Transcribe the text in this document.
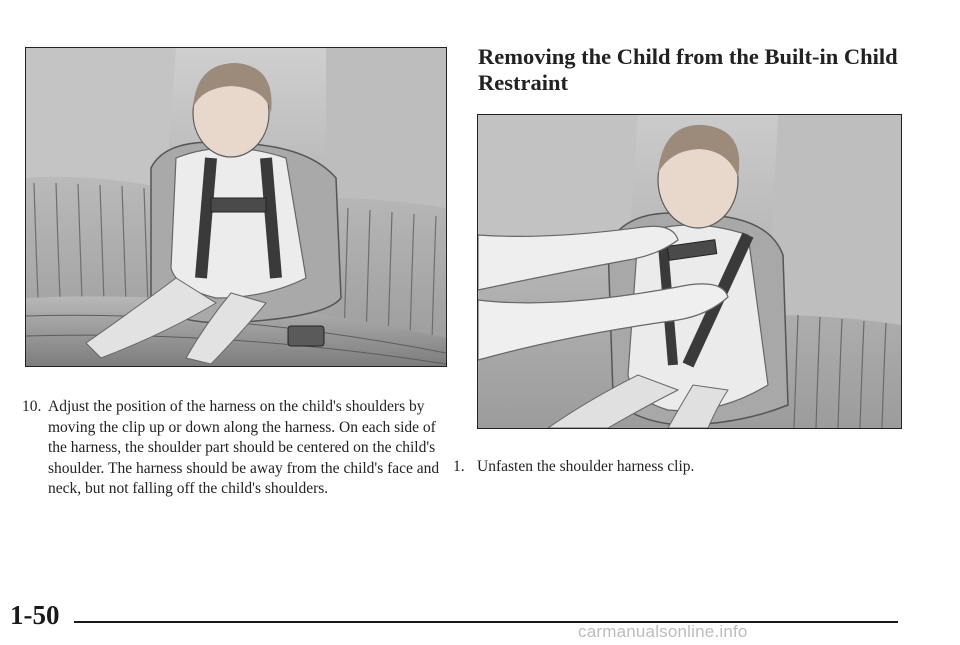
Removing the Child from the Built-in Child Restraint
10. Adjust the position of the harness on the child's shoulders by moving the clip up or down along the harness. On each side of the harness, the shoulder part should be centered on the child's shoulder. The harness should be away from the child's face and neck, but not falling off the child's shoulders.
1. Unfasten the shoulder harness clip.
1-50
carmanualsonline.info
